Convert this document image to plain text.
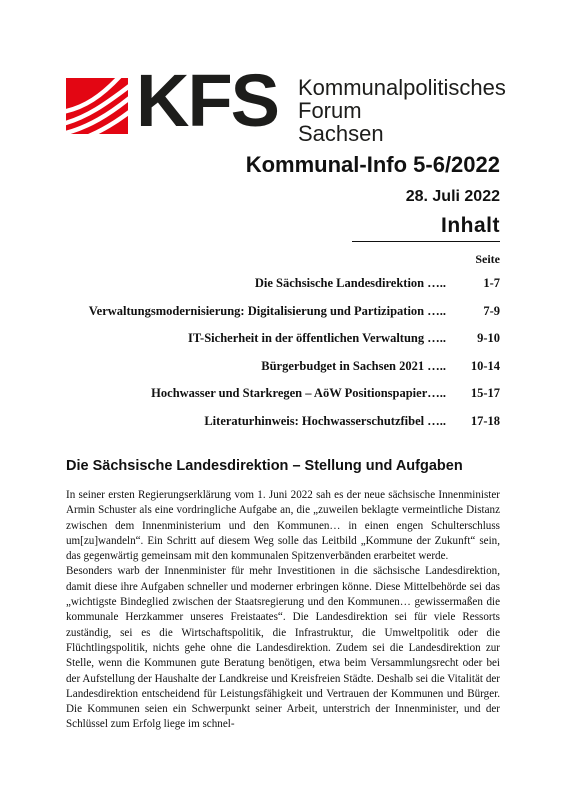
KFS Kommunalpolitisches
Forum
Sachsen
Kommunal-Info 5-6/2022
28. Juli 2022
Inhalt
Seite
Die Sächsische Landesdirektion …..	1-7
Verwaltungsmodernisierung: Digitalisierung und Partizipation …..	7-9
IT-Sicherheit in der öffentlichen Verwaltung …..	9-10
Bürgerbudget in Sachsen 2021 …..	10-14
Hochwasser und Starkregen – AöW Positionspapier…..	15-17
Literaturhinweis: Hochwasserschutzfibel …..	17-18
Die Sächsische Landesdirektion – Stellung und Aufgaben

In seiner ersten Regierungserklärung vom 1. Juni 2022 sah es der neue sächsische Innenminister Armin Schuster als eine vordringliche Aufgabe an, die „zuweilen beklagte vermeintliche Distanz zwischen dem Innenministerium und den Kommunen… in einen engen Schulterschluss um[zu]wandeln“. Ein Schritt auf diesem Weg solle das Leitbild „Kommune der Zukunft“ sein, das gegenwärtig gemeinsam mit den kommunalen Spitzenverbänden erarbeitet werde.

Besonders warb der Innenminister für mehr Investitionen in die sächsische Landesdirektion, damit diese ihre Aufgaben schneller und moderner erbringen könne. Diese Mittelbehörde sei das „wichtigste Bindeglied zwischen der Staatsregierung und den Kommunen… gewissermaßen die kommunale Herzkammer unseres Freistaates“. Die Landesdirektion sei für viele Ressorts zuständig, sei es die Wirtschaftspolitik, die Infrastruktur, die Umweltpolitik oder die Flüchtlingspolitik, nichts gehe ohne die Landesdirektion. Zudem sei die Landesdirektion zur Stelle, wenn die Kommunen gute Beratung benötigen, etwa beim Versammlungsrecht oder bei der Aufstellung der Haushalte der Landkreise und Kreisfreien Städte. Deshalb sei die Vitalität der Landesdirektion entscheidend für Leistungsfähigkeit und Vertrauen der Kommunen und Bürger. Die Kommunen seien ein Schwerpunkt seiner Arbeit, unterstrich der Innenminister, und der Schlüssel zum Erfolg liege im schnel-
